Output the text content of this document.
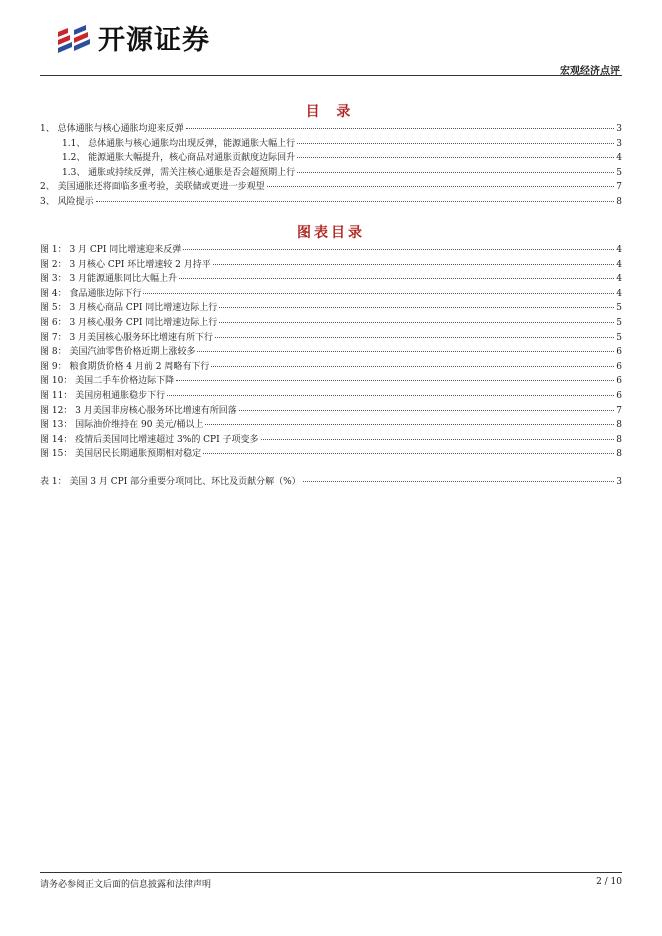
开源证券
宏观经济点评
目 录
1、 总体通胀与核心通胀均迎来反弹	3
1.1、 总体通胀与核心通胀均出现反弹，能源通胀大幅上行	3
1.2、 能源通胀大幅提升，核心商品对通胀贡献度边际回升	4
1.3、 通胀或持续反弹，需关注核心通胀是否会超预期上行	5
2、 美国通胀还将面临多重考验，美联储或更进一步观望	7
3、 风险提示	8
图表目录
图 1： 3 月 CPI 同比增速迎来反弹	4
图 2： 3 月核心 CPI 环比增速较 2 月持平	4
图 3： 3 月能源通胀同比大幅上升	4
图 4： 食品通胀边际下行	4
图 5： 3 月核心商品 CPI 同比增速边际上行	5
图 6： 3 月核心服务 CPI 同比增速边际上行	5
图 7： 3 月美国核心服务环比增速有所下行	5
图 8： 美国汽油零售价格近期上涨较多	6
图 9： 粮食期货价格 4 月前 2 周略有下行	6
图 10： 美国二手车价格边际下降	6
图 11： 美国房租通胀稳步下行	6
图 12： 3 月美国非房核心服务环比增速有所回落	7
图 13： 国际油价维持在 90 美元/桶以上	8
图 14： 疫情后美国同比增速超过 3%的 CPI 子项变多	8
图 15： 美国居民长期通胀预期相对稳定	8
表 1： 美国 3 月 CPI 部分重要分项同比、环比及贡献分解（%）	3
请务必参阅正文后面的信息披露和法律声明	2 / 10
